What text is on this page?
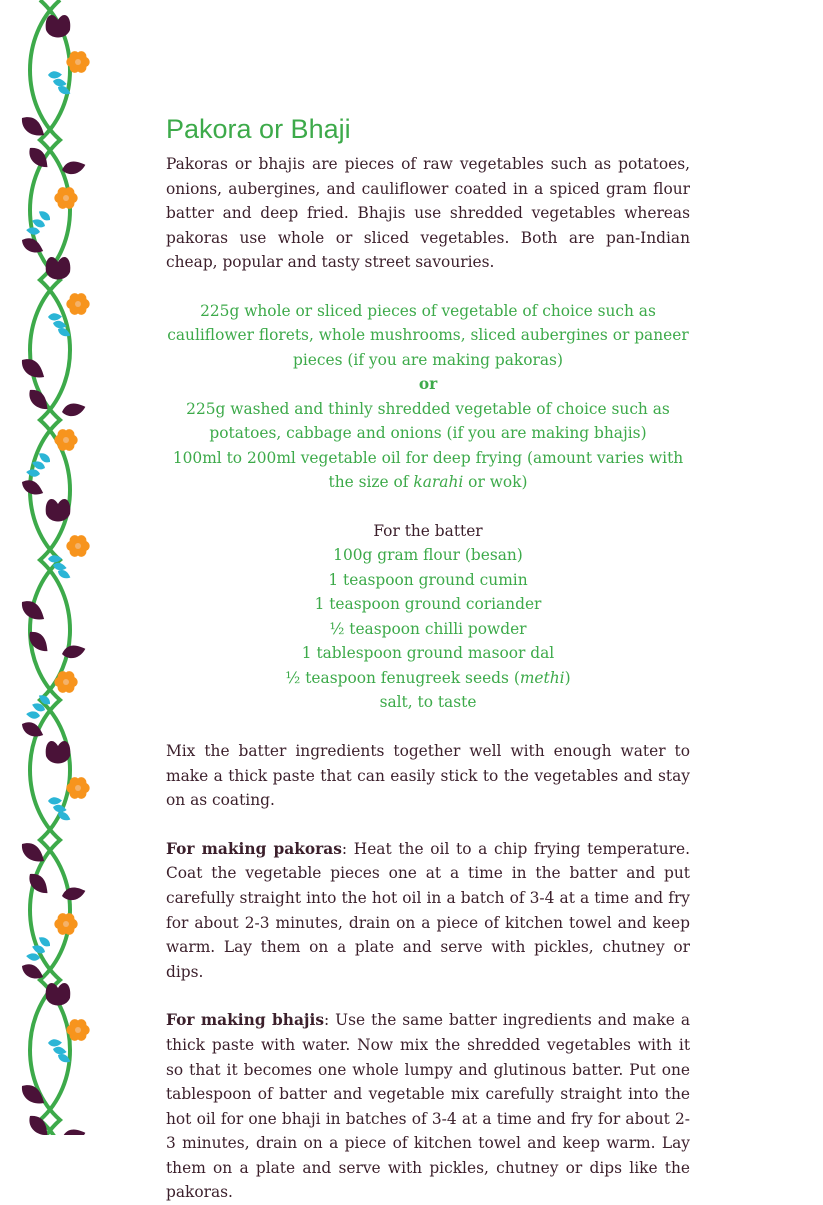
Pakora or Bhaji

Pakoras or bhajis are pieces of raw vegetables such as potatoes, onions, aubergines, and cauliflower coated in a spiced gram flour batter and deep fried. Bhajis use shredded vegetables whereas pakoras use whole or sliced vegetables. Both are pan-Indian cheap, popular and tasty street savouries.

225g whole or sliced pieces of vegetable of choice such as cauliflower florets, whole mushrooms, sliced aubergines or paneer pieces (if you are making pakoras)
or
225g washed and thinly shredded vegetable of choice such as potatoes, cabbage and onions (if you are making bhajis)
100ml to 200ml vegetable oil for deep frying (amount varies with the size of karahi or wok)
For the batter
100g gram flour (besan)
1 teaspoon ground cumin
1 teaspoon ground coriander
½ teaspoon chilli powder
1 tablespoon ground masoor dal
½ teaspoon fenugreek seeds (methi)
salt, to taste

Mix the batter ingredients together well with enough water to make a thick paste that can easily stick to the vegetables and stay on as coating.

For making pakoras: Heat the oil to a chip frying temperature. Coat the vegetable pieces one at a time in the batter and put carefully straight into the hot oil in a batch of 3-4 at a time and fry for about 2-3 minutes, drain on a piece of kitchen towel and keep warm. Lay them on a plate and serve with pickles, chutney or dips.

For making bhajis: Use the same batter ingredients and make a thick paste with water. Now mix the shredded vegetables with it so that it becomes one whole lumpy and glutinous batter. Put one tablespoon of batter and vegetable mix carefully straight into the hot oil for one bhaji in batches of 3-4 at a time and fry for about 2-3 minutes, drain on a piece of kitchen towel and keep warm. Lay them on a plate and serve with pickles, chutney or dips like the pakoras.
